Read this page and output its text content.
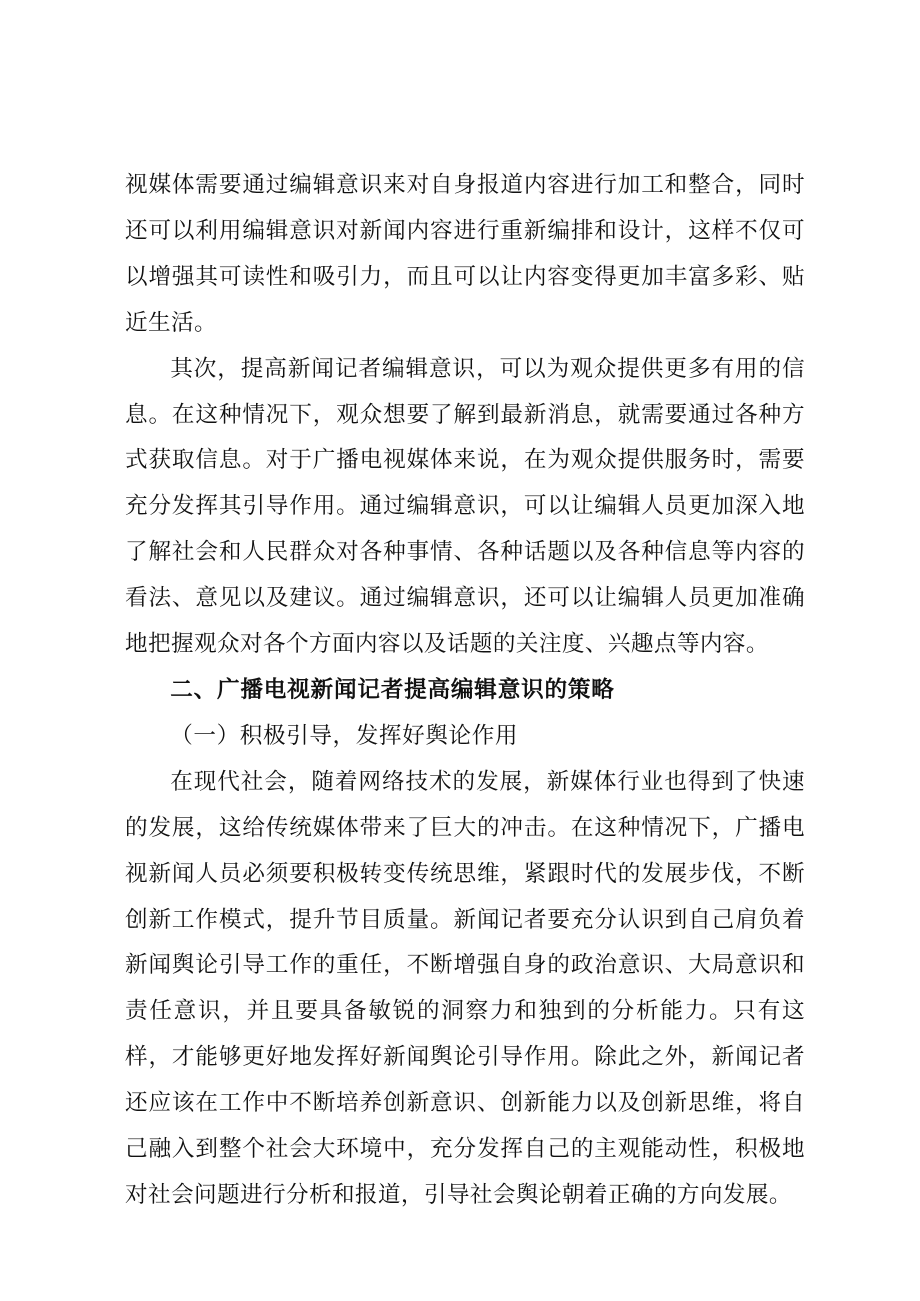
视媒体需要通过编辑意识来对自身报道内容进行加工和整合，同时还可以利用编辑意识对新闻内容进行重新编排和设计，这样不仅可以增强其可读性和吸引力，而且可以让内容变得更加丰富多彩、贴近生活。

其次，提高新闻记者编辑意识，可以为观众提供更多有用的信息。在这种情况下，观众想要了解到最新消息，就需要通过各种方式获取信息。对于广播电视媒体来说，在为观众提供服务时，需要充分发挥其引导作用。通过编辑意识，可以让编辑人员更加深入地了解社会和人民群众对各种事情、各种话题以及各种信息等内容的看法、意见以及建议。通过编辑意识，还可以让编辑人员更加准确地把握观众对各个方面内容以及话题的关注度、兴趣点等内容。

二、广播电视新闻记者提高编辑意识的策略

（一）积极引导，发挥好舆论作用

在现代社会，随着网络技术的发展，新媒体行业也得到了快速的发展，这给传统媒体带来了巨大的冲击。在这种情况下，广播电视新闻人员必须要积极转变传统思维，紧跟时代的发展步伐，不断创新工作模式，提升节目质量。新闻记者要充分认识到自己肩负着新闻舆论引导工作的重任，不断增强自身的政治意识、大局意识和责任意识，并且要具备敏锐的洞察力和独到的分析能力。只有这样，才能够更好地发挥好新闻舆论引导作用。除此之外，新闻记者还应该在工作中不断培养创新意识、创新能力以及创新思维，将自己融入到整个社会大环境中，充分发挥自己的主观能动性，积极地对社会问题进行分析和报道，引导社会舆论朝着正确的方向发展。
